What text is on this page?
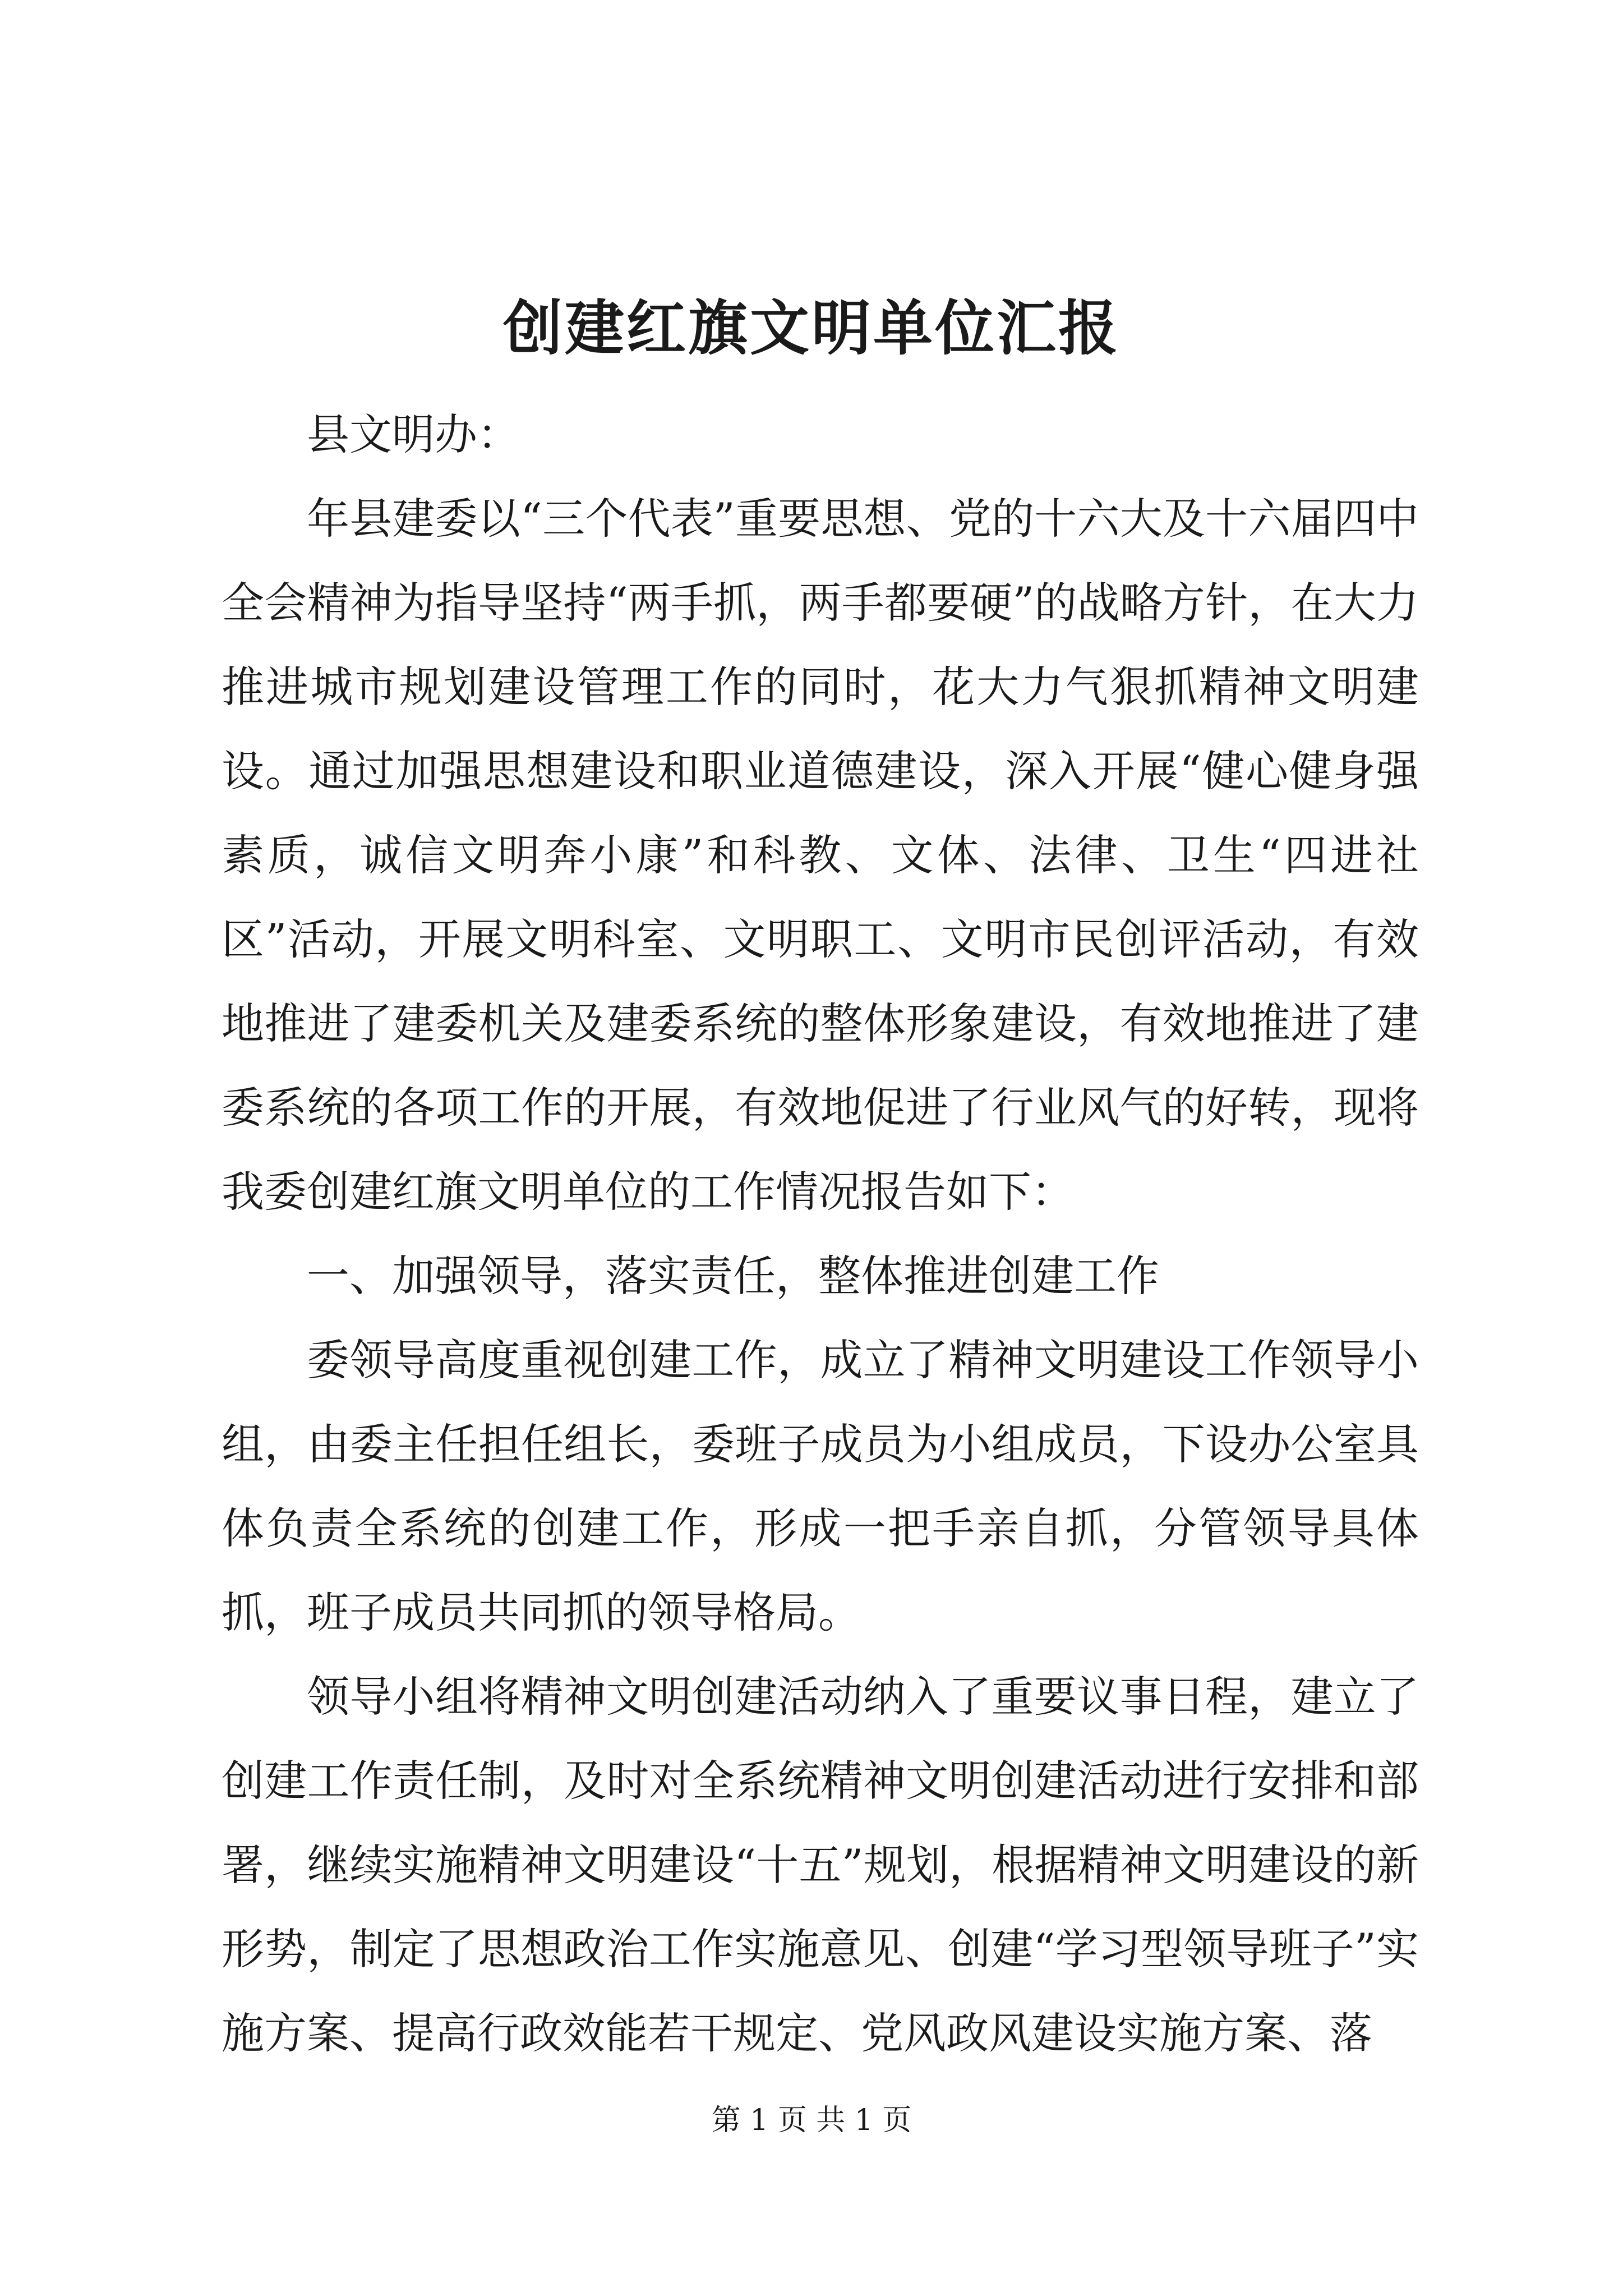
创建红旗文明单位汇报

县文明办：

年县建委以“三个代表”重要思想、党的十六大及十六届四中全会精神为指导坚持“两手抓，两手都要硬”的战略方针，在大力推进城市规划建设管理工作的同时，花大力气狠抓精神文明建设。通过加强思想建设和职业道德建设，深入开展“健心健身强素质，诚信文明奔小康”和科教、文体、法律、卫生“四进社区”活动，开展文明科室、文明职工、文明市民创评活动，有效地推进了建委机关及建委系统的整体形象建设，有效地推进了建委系统的各项工作的开展，有效地促进了行业风气的好转，现将我委创建红旗文明单位的工作情况报告如下：

一、加强领导，落实责任，整体推进创建工作

委领导高度重视创建工作，成立了精神文明建设工作领导小组，由委主任担任组长，委班子成员为小组成员，下设办公室具体负责全系统的创建工作，形成一把手亲自抓，分管领导具体抓，班子成员共同抓的领导格局。

领导小组将精神文明创建活动纳入了重要议事日程，建立了创建工作责任制，及时对全系统精神文明创建活动进行安排和部署，继续实施精神文明建设“十五”规划，根据精神文明建设的新形势，制定了思想政治工作实施意见、创建“学习型领导班子”实施方案、提高行政效能若干规定、党风政风建设实施方案、落

第 1 页 共 1 页
